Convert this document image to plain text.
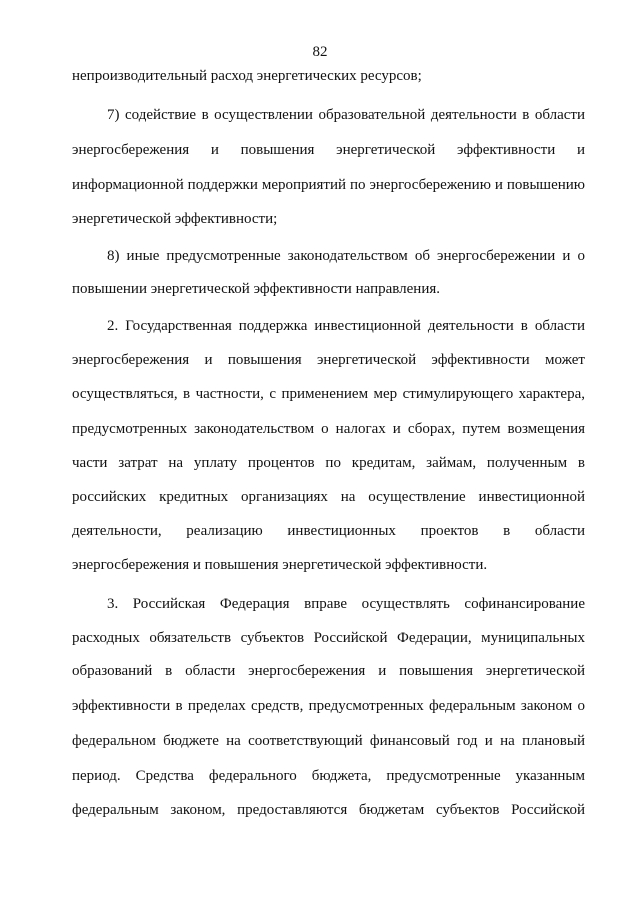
82
непроизводительный расход энергетических ресурсов;
7) содействие в осуществлении образовательной деятельности в области
энергосбережения и повышения энергетической эффективности и
информационной поддержки мероприятий по энергосбережению и повышению
энергетической эффективности;
8) иные предусмотренные законодательством об энергосбережении и о
повышении энергетической эффективности направления.
2. Государственная поддержка инвестиционной деятельности в области
энергосбережения и повышения энергетической эффективности может
осуществляться, в частности, с применением мер стимулирующего характера,
предусмотренных законодательством о налогах и сборах, путем возмещения
части затрат на уплату процентов по кредитам, займам, полученным в
российских кредитных организациях на осуществление инвестиционной
деятельности, реализацию инвестиционных проектов в области
энергосбережения и повышения энергетической эффективности.
3. Российская Федерация вправе осуществлять софинансирование
расходных обязательств субъектов Российской Федерации, муниципальных
образований в области энергосбережения и повышения энергетической
эффективности в пределах средств, предусмотренных федеральным законом о
федеральном бюджете на соответствующий финансовый год и на плановый
период. Средства федерального бюджета, предусмотренные указанным
федеральным законом, предоставляются бюджетам субъектов Российской
